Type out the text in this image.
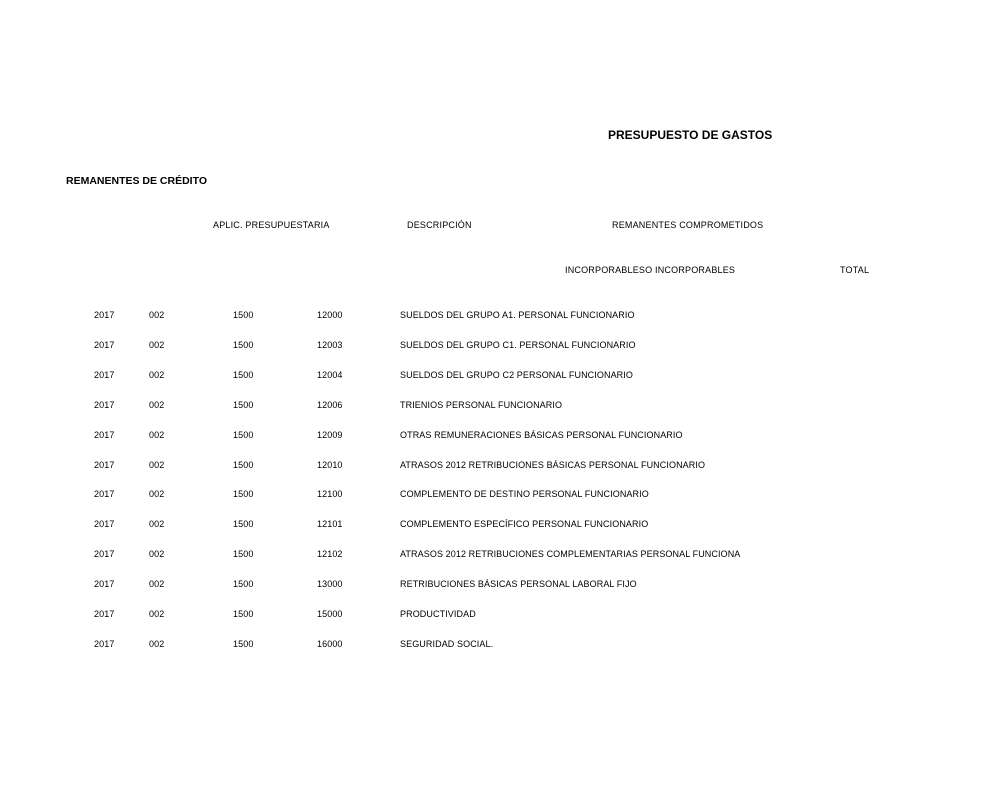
PRESUPUESTO DE GASTOS
REMANENTES DE CRÉDITO
APLIC. PRESUPUESTARIA	DESCRIPCIÓN	REMANENTES COMPROMETIDOS
INCORPORABLESO INCORPORABLES	TOTAL
2017	002	1500	12000	SUELDOS DEL GRUPO A1. PERSONAL FUNCIONARIO
2017	002	1500	12003	SUELDOS DEL GRUPO C1. PERSONAL FUNCIONARIO
2017	002	1500	12004	SUELDOS DEL GRUPO C2 PERSONAL FUNCIONARIO
2017	002	1500	12006	TRIENIOS PERSONAL FUNCIONARIO
2017	002	1500	12009	OTRAS REMUNERACIONES BÁSICAS PERSONAL FUNCIONARIO
2017	002	1500	12010	ATRASOS 2012 RETRIBUCIONES BÁSICAS PERSONAL FUNCIONARIO
2017	002	1500	12100	COMPLEMENTO DE DESTINO PERSONAL FUNCIONARIO
2017	002	1500	12101	COMPLEMENTO ESPECÍFICO PERSONAL FUNCIONARIO
2017	002	1500	12102	ATRASOS 2012 RETRIBUCIONES COMPLEMENTARIAS PERSONAL FUNCIONA
2017	002	1500	13000	RETRIBUCIONES BÁSICAS PERSONAL LABORAL FIJO
2017	002	1500	15000	PRODUCTIVIDAD
2017	002	1500	16000	SEGURIDAD SOCIAL.
